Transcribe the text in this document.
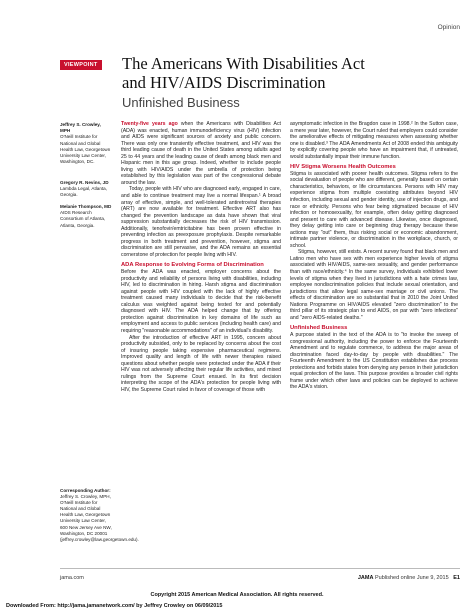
Opinion
VIEWPOINT The Americans With Disabilities Act
and HIV/AIDS Discrimination
Unfinished Business
Jeffrey S. Crowley, MPH
O'Neill Institute for National and Global Health Law, Georgetown University Law Center, Washington, DC.
Gregory R. Nevins, JD
Lambda Legal, Atlanta, Georgia.
Melanie Thompson, MD
AIDS Research Consortium of Atlanta, Atlanta, Georgia.
Corresponding Author:
Jeffrey S. Crowley, MPH, O'Neill Institute for National and Global Health Law, Georgetown University Law Center, 600 New Jersey Ave NW, Washington, DC 20001 (jeffrey.crowley@law.georgetown.edu).

Twenty-five years ago when the Americans with Disabilities Act (ADA) was enacted, human immunodeficiency virus (HIV) infection and AIDS were significant sources of anxiety and public concern. There was only one transiently effective treatment, and HIV was the third leading cause of death in the United States among adults aged 25 to 44 years and the leading cause of death among black men and Hispanic men in this age group. Indeed, whether to include people living with HIV/AIDS under the umbrella of protection being established by this legislation was part of the congressional debate around the law.

Today, people with HIV who are diagnosed early, engaged in care, and able to continue treatment may live a normal lifespan.¹ A broad array of effective, simple, and well-tolerated antiretroviral therapies (ART) are now available for treatment. Effective ART also has changed the prevention landscape as data have shown that viral suppression substantially decreases the risk of HIV transmission. Additionally, tenofovir/emtricitabine has been proven effective in preventing infection as preexposure prophylaxis. Despite remarkable progress in both treatment and prevention, however, stigma and discrimination are still pervasive, and the ADA remains an essential cornerstone of protection for people living with HIV.

ADA Response to Evolving Forms of Discrimination

Before the ADA was enacted, employer concerns about the productivity and reliability of persons living with disabilities, including HIV, led to discrimination in hiring. Harsh stigma and discrimination against people with HIV coupled with the lack of highly effective treatment caused many individuals to decide that the risk-benefit calculus was weighted against being tested for and potentially diagnosed with HIV. The ADA helped change that by offering protection against discrimination in key domains of life such as employment and access to public services (including health care) and requiring "reasonable accommodations" of an individual's disability.

After the introduction of effective ART in 1995, concern about productivity subsided, only to be replaced by concerns about the cost of insuring people taking expensive pharmaceutical regimens. Improved quality and length of life with newer therapies raised questions about whether people were protected under the ADA if their HIV was not adversely affecting their regular life activities, and mixed rulings from the Supreme Court ensued. In its first decision interpreting the scope of the ADA's protection for people living with HIV, the Supreme Court ruled in favor of coverage of those with

asymptomatic infection in the Bragdon case in 1998.² In the Sutton case, a mere year later, however, the Court ruled that employers could consider the ameliorative effects of mitigating measures when assessing whether one is disabled.³ The ADA Amendments Act of 2008 ended this ambiguity by explicitly covering people who have an impairment that, if untreated, would substantially impair their immune function.

HIV Stigma Worsens Health Outcomes

Stigma is associated with poorer health outcomes. Stigma refers to the social devaluation of people who are different, generally based on certain characteristics, behaviors, or life circumstances. Persons with HIV may experience stigma from multiple coexisting attributes beyond HIV infection, including sexual and gender identity, use of injection drugs, and race or ethnicity. Persons who fear being stigmatized because of HIV infection or homosexuality, for example, often delay getting diagnosed and present to care with advanced disease. Likewise, once diagnosed, they delay getting into care or beginning drug therapy because these actions may "out" them, thus risking social or economic abandonment, intimate partner violence, or discrimination in the workplace, church, or school.

Stigma, however, still exists. A recent survey found that black men and Latino men who have sex with men experience higher levels of stigma associated with HIV/AIDS, same-sex sexuality, and gender performance than with race/ethnicity.⁴ In the same survey, individuals exhibited lower levels of stigma when they lived in jurisdictions with a hate crimes law, employee nondiscrimination policies that include sexual orientation, and jurisdictions that allow legal same-sex marriage or civil unions. The effects of discrimination are so substantial that in 2010 the Joint United Nations Programme on HIV/AIDS elevated "zero discrimination" to the third pillar of its strategic plan to end AIDS, on par with "zero infections" and "zero AIDS-related deaths."

Unfinished Business

A purpose stated in the text of the ADA is to "to invoke the sweep of congressional authority, including the power to enforce the Fourteenth Amendment and to regulate commerce, to address the major areas of discrimination faced day-to-day by people with disabilities." The Fourteenth Amendment to the US Constitution establishes due process protections and forbids states from denying any person in their jurisdiction equal protection of the laws. This purpose provides a broader civil rights frame under which other laws and policies can be deployed to achieve the ADA's vision.

jama.com	JAMA Published online June 9, 2015 E1
Copyright 2015 American Medical Association. All rights reserved.
Downloaded From: http://jama.jamanetwork.com/ by Jeffrey Crowley on 06/09/2015
